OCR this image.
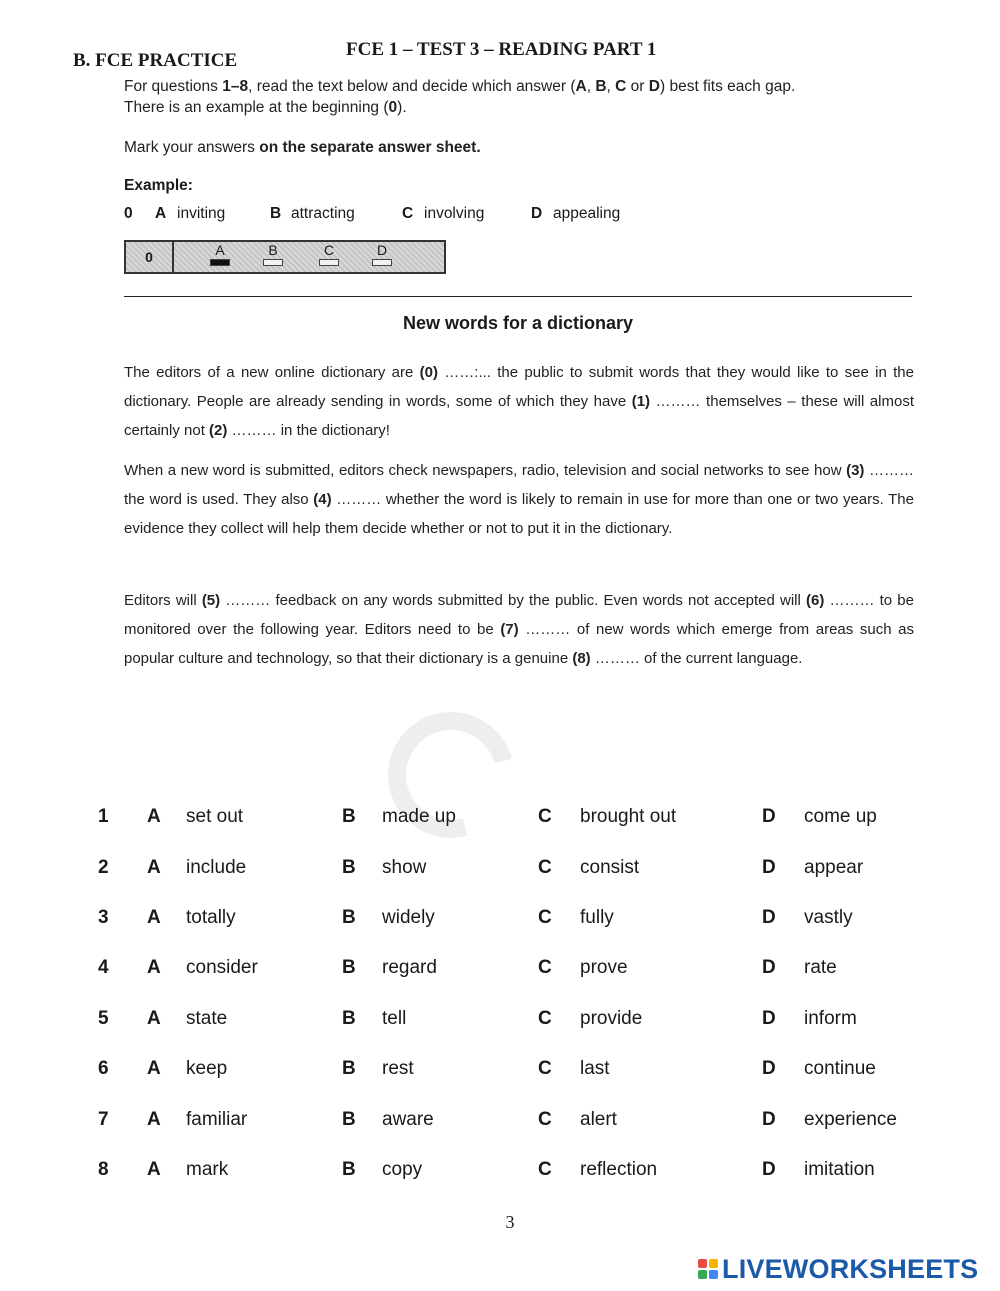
B. FCE PRACTICE
FCE 1 – TEST 3 – READING PART 1
For questions 1–8, read the text below and decide which answer (A, B, C or D) best fits each gap.
There is an example at the beginning (0).
Mark your answers on the separate answer sheet.
Example:
0 A inviting	B attracting	C involving	D appealing
0	A	B	C	D
New words for a dictionary
The editors of a new online dictionary are (0) ……:... the public to submit words that they would like to see in the dictionary. People are already sending in words, some of which they have (1) ……… themselves – these will almost certainly not (2) ……… in the dictionary!
When a new word is submitted, editors check newspapers, radio, television and social networks to see how (3) ……… the word is used. They also (4) ……… whether the word is likely to remain in use for more than one or two years. The evidence they collect will help them decide whether or not to put it in the dictionary.
Editors will (5) ……… feedback on any words submitted by the public. Even words not accepted will (6) ……… to be monitored over the following year. Editors need to be (7) ……… of new words which emerge from areas such as popular culture and technology, so that their dictionary is a genuine (8) ……… of the current language.
1 A set out	B made up	C brought out	D come up
2 A include	B show	C consist	D appear
3 A totally	B widely	C fully	D vastly
4 A consider	B regard	C prove	D rate
5 A state	B tell	C provide	D inform
6 A keep	B rest	C last	D continue
7 A familiar	B aware	C alert	D experience
8 A mark	B copy	C reflection	D imitation
3
LIVEWORKSHEETS
